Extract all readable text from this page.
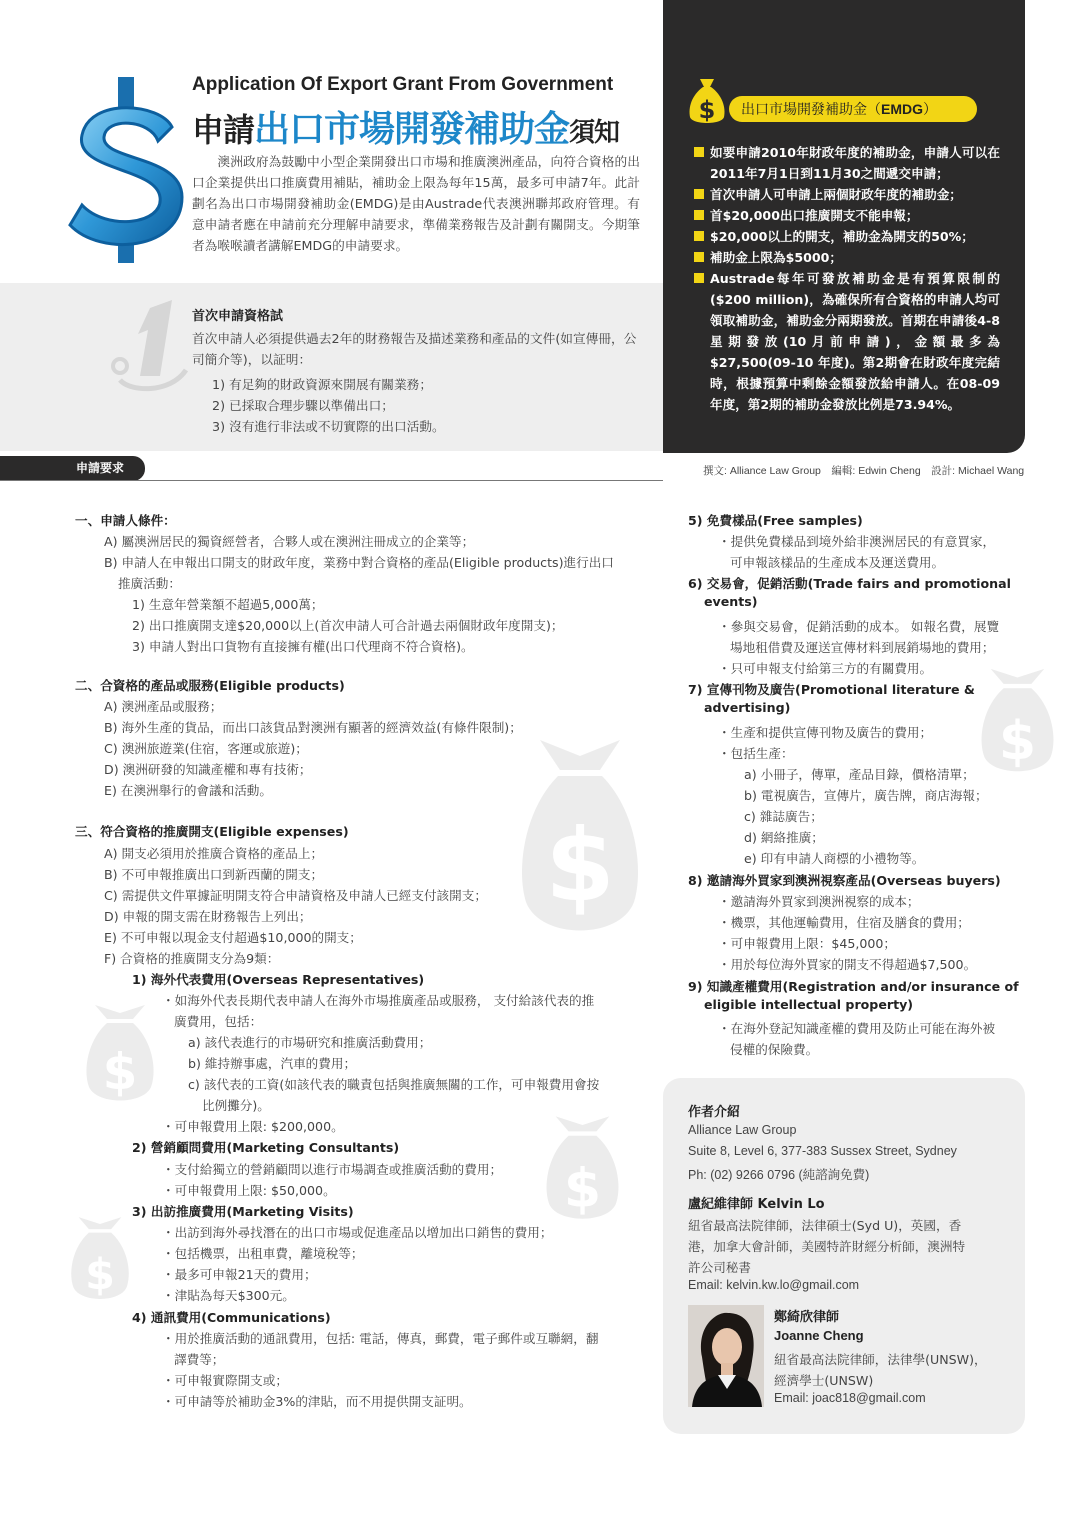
Application Of Export Grant From Government
申請出口市場開發補助金須知
澳洲政府為鼓勵中小型企業開發出口市場和推廣澳洲產品，向符合資格的出口企業提供出口推廣費用補貼，補助金上限為每年15萬，最多可申請7年。此計劃名為出口市場開發補助金(EMDG)是由Austrade代表澳洲聯邦政府管理。有意申請者應在申請前充分理解申請要求，準備業務報告及計劃有關開支。今期筆者為喉喉讀者講解EMDG的申請要求。
首次申請資格試
首次申請人必須提供過去2年的財務報告及描述業務和產品的文件(如宣傳冊，公司簡介等)，以証明：
1) 有足夠的財政資源來開展有關業務；
2) 已採取合理步驟以準備出口；
3) 沒有進行非法或不切實際的出口活動。
$	出口市場開發補助金（EMDG）
如要申請2010年財政年度的補助金，申請人可以在2011年7月1日到11月30之間遞交申請；
首次申請人可申請上兩個財政年度的補助金；
首$20,000出口推廣開支不能申報；
$20,000以上的開支，補助金為開支的50%；
補助金上限為$5000；
Austrade每年可發放補助金是有預算限制的($200 million)，為確保所有合資格的申請人均可領取補助金，補助金分兩期發放。首期在申請後4-8星期發放(10月前申請)，金額最多為$27,500(09-10 年度)。第2期會在財政年度完結時，根據預算中剩餘金額發放給申請人。在08-09年度，第2期的補助金發放比例是73.94%。
申請要求	撰文: Alliance Law Group　編輯: Edwin Cheng　設計: Michael Wang
$
$
$
$
$
一、申請人條件：
A) 屬澳洲居民的獨資經營者，合夥人或在澳洲注冊成立的企業等；
B) 申請人在申報出口開支的財政年度，業務中對合資格的產品(Eligible products)進行出口
推廣活動：
1) 生意年營業額不超過5,000萬；
2) 出口推廣開支達$20,000以上(首次申請人可合計過去兩個財政年度開支)；
3) 申請人對出口貨物有直接擁有權(出口代理商不符合資格)。
二、合資格的產品或服務(Eligible products)
A) 澳洲產品或服務；
B) 海外生產的貨品，而出口該貨品對澳洲有顯著的經濟效益(有條件限制)；
C) 澳洲旅遊業(住宿，客運或旅遊)；
D) 澳洲研發的知識產權和專有技術；
E) 在澳洲舉行的會議和活動。
三、符合資格的推廣開支(Eligible expenses)
A) 開支必須用於推廣合資格的產品上；
B) 不可申報推廣出口到新西蘭的開支；
C) 需提供文件單據証明開支符合申請資格及申請人已經支付該開支；
D) 申報的開支需在財務報告上列出；
E) 不可申報以現金支付超過$10,000的開支；
F) 合資格的推廣開支分為9類：
1) 海外代表費用(Overseas Representatives)
・如海外代表長期代表申請人在海外市場推廣產品或服務， 支付給該代表的推
廣費用，包括：
a) 該代表進行的市場研究和推廣活動費用；
b) 維持辦事處，汽車的費用；
c) 該代表的工資(如該代表的職責包括與推廣無關的工作，可申報費用會按
比例攤分)。
・可申報費用上限: $200,000。
2) 營銷顧問費用(Marketing Consultants)
・支付給獨立的營銷顧問以進行市場調查或推廣活動的費用；
・可申報費用上限: $50,000。
3) 出訪推廣費用(Marketing Visits)
・出訪到海外尋找潛在的出口市場或促進產品以增加出口銷售的費用；
・包括機票，出租車費，離境稅等；
・最多可申報21天的費用；
・津貼為每天$300元。
4) 通訊費用(Communications)
・用於推廣活動的通訊費用，包括: 電話，傳真，郵費，電子郵件或互聯網，翻
譯費等；
・可申報實際開支或；
・可申請等於補助金3%的津貼，而不用提供開支証明。
5) 免費樣品(Free samples)
・提供免費樣品到境外給非澳洲居民的有意買家，
可申報該樣品的生產成本及運送費用。
6) 交易會，促銷活動(Trade fairs and promotional
events)
・參與交易會，促銷活動的成本。 如報名費，展覽
場地租借費及運送宣傳材料到展銷場地的費用；
・只可申報支付給第三方的有關費用。
7) 宣傳刊物及廣告(Promotional literature &
advertising)
・生產和提供宣傳刊物及廣告的費用；
・包括生產：
a) 小冊子，傳單，產品目錄，價格清單；
b) 電視廣告，宣傳片，廣告牌，商店海報；
c) 雜誌廣告；
d) 網絡推廣；
e) 印有申請人商標的小禮物等。
8) 邀請海外買家到澳洲視察產品(Overseas buyers)
・邀請海外買家到澳洲視察的成本；
・機票，其他運輸費用，住宿及膳食的費用；
・可申報費用上限：$45,000；
・用於每位海外買家的開支不得超過$7,500。
9) 知識產權費用(Registration and/or insurance of
eligible intellectual property)
・在海外登記知識產權的費用及防止可能在海外被
侵權的保險費。
作者介紹
Alliance Law Group
Suite 8, Level 6, 377-383 Sussex Street, Sydney
Ph: (02) 9266 0796 (純諮詢免費)
盧紀維律師 Kelvin Lo
紐省最高法院律師，法律碩士(Syd U)，英國，香
港，加拿大會計師，美國特許財經分析師，澳洲特
許公司秘書
Email: kelvin.kw.lo@gmail.com
鄭綺欣律師
Joanne Cheng
紐省最高法院律師，法律學(UNSW)，
經濟學士(UNSW)
Email: joac818@gmail.com
